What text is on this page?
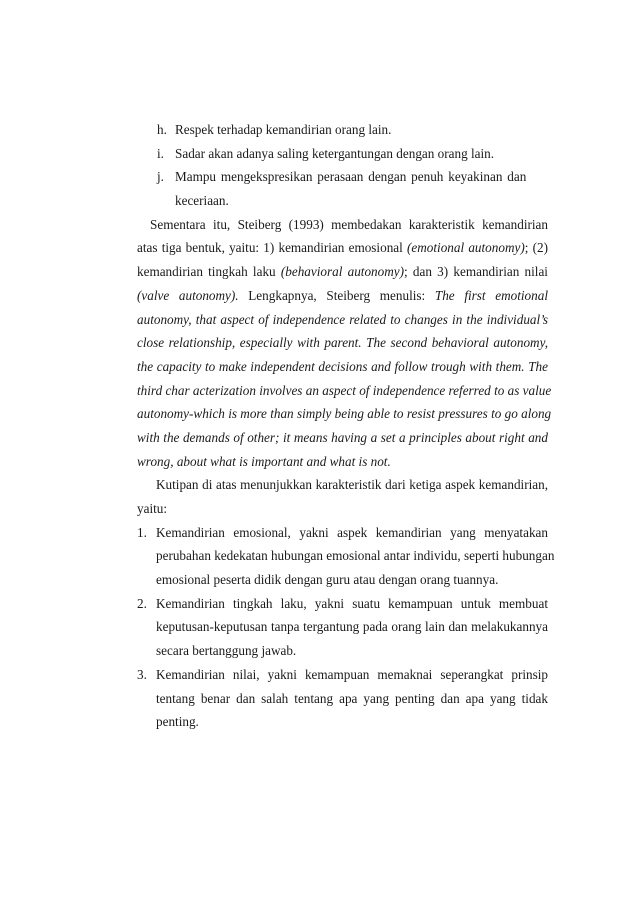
h. Respek terhadap kemandirian orang lain.
i. Sadar akan adanya saling ketergantungan dengan orang lain.
j. Mampu mengekspresikan perasaan dengan penuh keyakinan dan
keceriaan.
Sementara itu, Steiberg (1993) membedakan karakteristik kemandirian
atas tiga bentuk, yaitu: 1) kemandirian emosional (emotional autonomy); (2)
kemandirian tingkah laku (behavioral autonomy); dan 3) kemandirian nilai
(valve autonomy). Lengkapnya, Steiberg menulis: The first emotional
autonomy, that aspect of independence related to changes in the individual’s
close relationship, especially with parent. The second behavioral autonomy,
the capacity to make independent decisions and follow trough with them. The
third char acterization involves an aspect of independence referred to as value
autonomy-which is more than simply being able to resist pressures to go along
with the demands of other; it means having a set a principles about right and
wrong, about what is important and what is not.
Kutipan di atas menunjukkan karakteristik dari ketiga aspek kemandirian,
yaitu:
1. Kemandirian emosional, yakni aspek kemandirian yang menyatakan
perubahan kedekatan hubungan emosional antar individu, seperti hubungan
emosional peserta didik dengan guru atau dengan orang tuannya.
2. Kemandirian tingkah laku, yakni suatu kemampuan untuk membuat
keputusan-keputusan tanpa tergantung pada orang lain dan melakukannya
secara bertanggung jawab.
3. Kemandirian nilai, yakni kemampuan memaknai seperangkat prinsip
tentang benar dan salah tentang apa yang penting dan apa yang tidak
penting.
